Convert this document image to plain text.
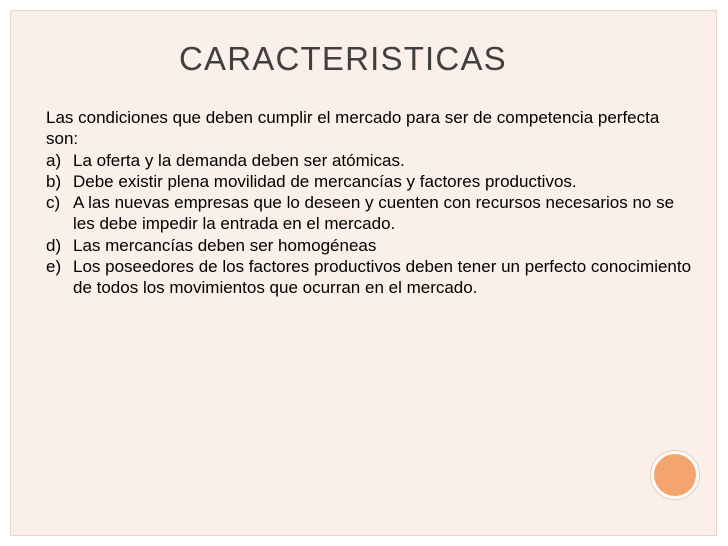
CARACTERISTICAS

Las condiciones que deben cumplir el mercado para ser de competencia perfecta son:

a) La oferta y la demanda deben ser atómicas.
b) Debe existir plena movilidad de mercancías y factores productivos.
c) A las nuevas empresas que lo deseen y cuenten con recursos necesarios no se les debe impedir la entrada en el mercado.
d) Las mercancías deben ser homogéneas
e) Los poseedores de los factores productivos deben tener un perfecto conocimiento de todos los movimientos que ocurran en el mercado.
